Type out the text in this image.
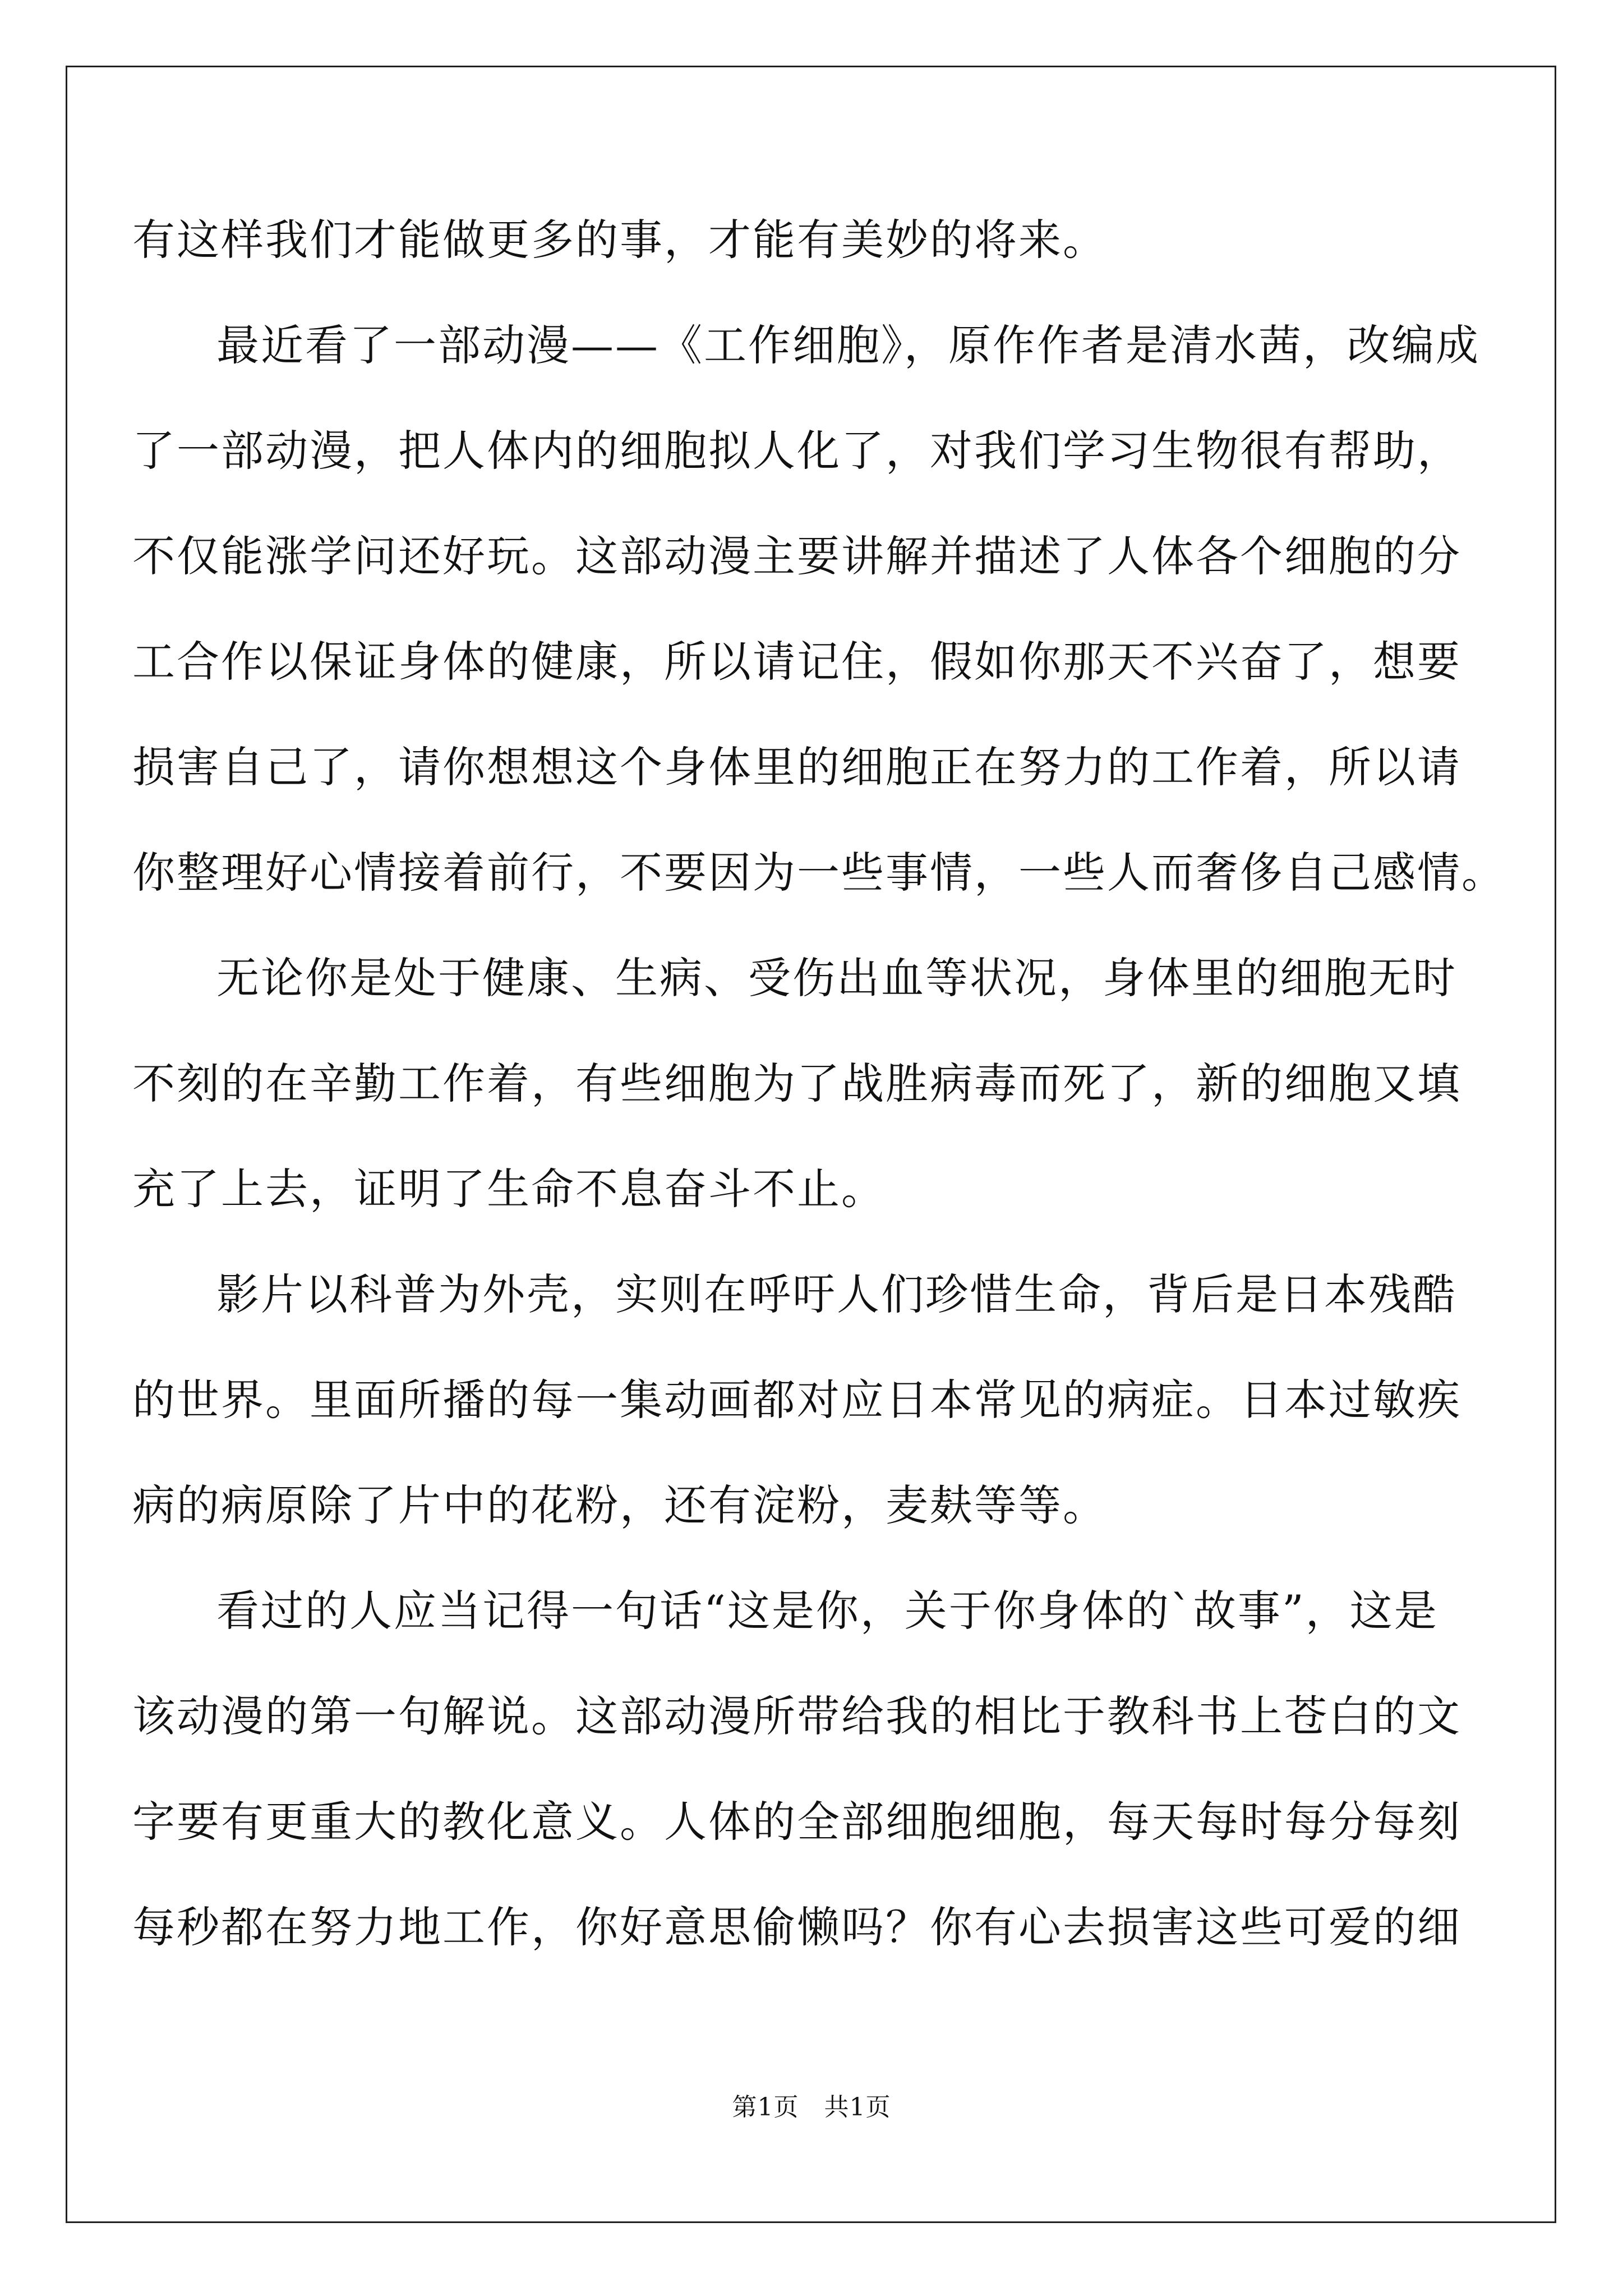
有这样我们才能做更多的事，才能有美妙的将来。
最近看了一部动漫——《工作细胞》，原作作者是清水茜，改编成
了一部动漫，把人体内的细胞拟人化了，对我们学习生物很有帮助，
不仅能涨学问还好玩。这部动漫主要讲解并描述了人体各个细胞的分
工合作以保证身体的健康，所以请记住，假如你那天不兴奋了，想要
损害自己了，请你想想这个身体里的细胞正在努力的工作着，所以请
你整理好心情接着前行，不要因为一些事情，一些人而奢侈自己感情。
无论你是处于健康、生病、受伤出血等状况，身体里的细胞无时
不刻的在辛勤工作着，有些细胞为了战胜病毒而死了，新的细胞又填
充了上去，证明了生命不息奋斗不止。
影片以科普为外壳，实则在呼吁人们珍惜生命，背后是日本残酷
的世界。里面所播的每一集动画都对应日本常见的病症。日本过敏疾
病的病原除了片中的花粉，还有淀粉，麦麸等等。
看过的人应当记得一句话“这是你，关于你身体的`故事”，这是
该动漫的第一句解说。这部动漫所带给我的相比于教科书上苍白的文
字要有更重大的教化意义。人体的全部细胞细胞，每天每时每分每刻
每秒都在努力地工作，你好意思偷懒吗？你有心去损害这些可爱的细
第1页　共1页
